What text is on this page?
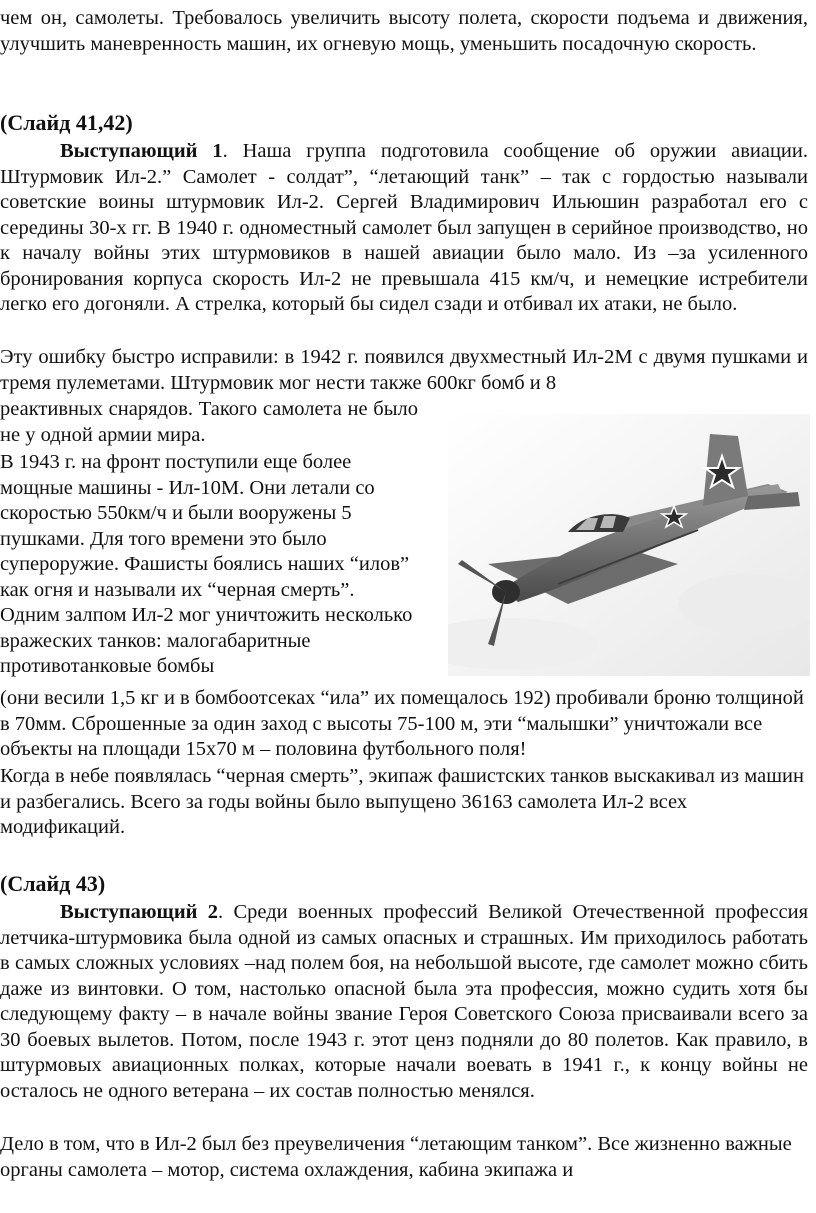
чем он, самолеты. Требовалось увеличить высоту полета, скорости подъема и движения, улучшить маневренность машин, их огневую мощь, уменьшить посадочную скорость.

(Слайд 41,42)

Выступающий 1. Наша группа подготовила сообщение об оружии авиации. Штурмовик Ил-2.” Самолет - солдат”, “летающий танк” – так с гордостью называли советские воины штурмовик Ил-2. Сергей Владимирович Ильюшин разработал его с середины 30-х гг. В 1940 г. одноместный самолет был запущен в серийное производство, но к началу войны этих штурмовиков в нашей авиации было мало. Из –за усиленного бронирования корпуса скорость Ил-2 не превышала 415 км/ч, и немецкие истребители легко его догоняли. А стрелка, который бы сидел сзади и отбивал их атаки, не было.

Эту ошибку быстро исправили: в 1942 г. появился двухместный Ил-2М с двумя пушками и тремя пулеметами. Штурмовик мог нести также 600кг бомб и 8

реактивных снарядов. Такого самолета не было не у одной армии мира.

В 1943 г. на фронт поступили еще более мощные машины - Ил-10М. Они летали со скоростью 550км/ч и были вооружены 5 пушками. Для того времени это было супероружие. Фашисты боялись наших “илов” как огня и называли их “черная смерть”. Одним залпом Ил-2 мог уничтожить несколько вражеских танков: малогабаритные противотанковые бомбы

(они весили 1,5 кг и в бомбоотсеках “ила” их помещалось 192) пробивали броню толщиной в 70мм. Сброшенные за один заход с высоты 75-100 м, эти “малышки” уничтожали все объекты на площади 15х70 м – половина футбольного поля!

Когда в небе появлялась “черная смерть”, экипаж фашистских танков выскакивал из машин и разбегались. Всего за годы войны было выпущено 36163 самолета Ил-2 всех модификаций.

(Слайд 43)

Выступающий 2. Среди военных профессий Великой Отечественной профессия летчика-штурмовика была одной из самых опасных и страшных. Им приходилось работать в самых сложных условиях –над полем боя, на небольшой высоте, где самолет можно сбить даже из винтовки. О том, настолько опасной была эта профессия, можно судить хотя бы следующему факту – в начале войны звание Героя Советского Союза присваивали всего за 30 боевых вылетов. Потом, после 1943 г. этот ценз подняли до 80 полетов. Как правило, в штурмовых авиационных полках, которые начали воевать в 1941 г., к концу войны не осталось не одного ветерана – их состав полностью менялся.

Дело в том, что в Ил-2 был без преувеличения “летающим танком”. Все жизненно важные органы самолета – мотор, система охлаждения, кабина экипажа и
